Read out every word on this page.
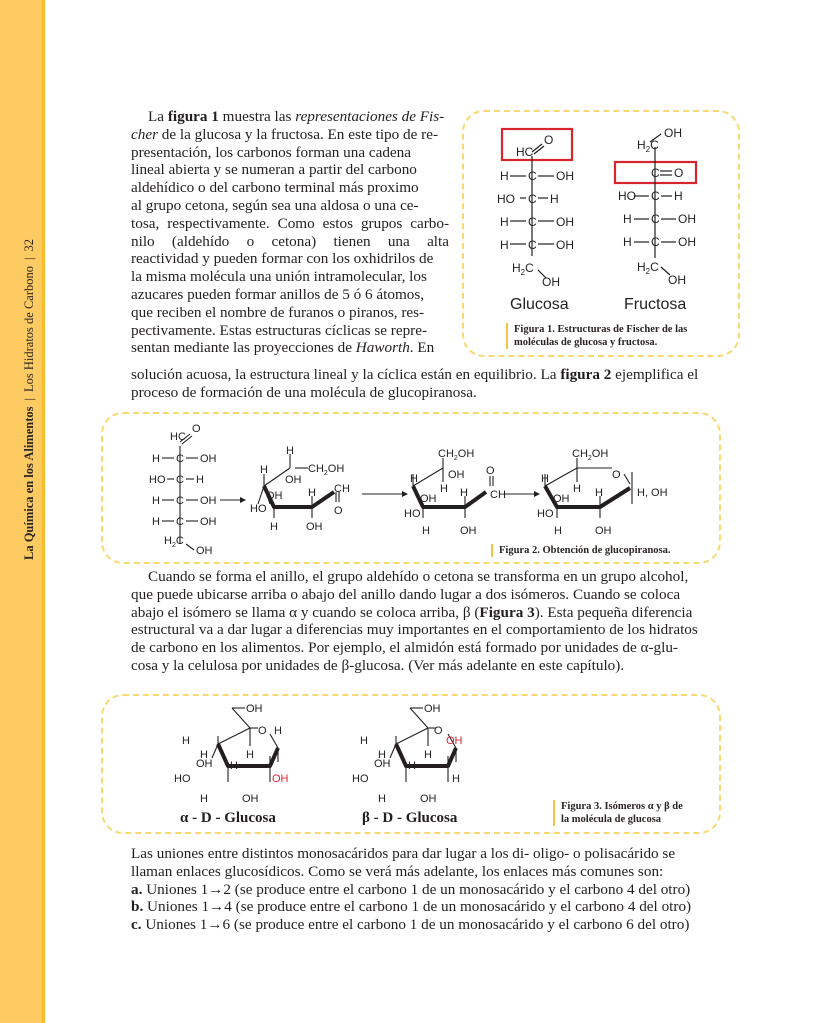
La Química en los Alimentos|Los Hidratos de Carbono|32
La figura 1 muestra las representaciones de Fis-
cher de la glucosa y la fructosa. En este tipo de re-
presentación, los carbonos forman una cadena
lineal abierta y se numeran a partir del carbono
aldehídico o del carbono terminal más proximo
al grupo cetona, según sea una aldosa o una ce-
tosa, respectivamente. Como estos grupos carbo-
nilo (aldehído o cetona) tienen una alta
reactividad y pueden formar con los oxhidrilos de
la misma molécula una unión intramolecular, los
azucares pueden formar anillos de 5 ó 6 átomos,
que reciben el nombre de furanos o piranos, res-
pectivamente. Estas estructuras cíclicas se repre-
sentan mediante las proyecciones de Haworth. En
solución acuosa, la estructura lineal y la cíclica están en equilibrio. La figura 2 ejemplifica el
proceso de formación de una molécula de glucopiranosa.
HC
O
H C OH
HO C H
H C OH
H C OH
$H_2C$
OH
$H_2C$
OH
C O
HO C H
H C OH
H C OH
$H_2C$
OH
Glucosa	Fructosa
Figura 1. Estructuras de Fischer de las
moléculas de glucosa y fructosa.
HC
O
H C OH
HO C H
H C OH
H C OH
$H_2C$
OH
H
$CH_2OH$
OH
H
OH H
HO
H	OH
CH
O
$CH_2OH$
OH
H
H
OH H
HO
H	OH
O
CH
$CH_2OH$
O
H
H
OH H
HO
H	OH
H, OH
Figura 2. Obtención de glucopiranosa.
Cuando se forma el anillo, el grupo aldehído o cetona se transforma en un grupo alcohol,
que puede ubicarse arriba o abajo del anillo dando lugar a dos isómeros. Cuando se coloca
abajo el isómero se llama α y cuando se coloca arriba, β (Figura 3). Esta pequeña diferencia
estructural va a dar lugar a diferencias muy importantes en el comportamiento de los hidratos
de carbono en los alimentos. Por ejemplo, el almidón está formado por unidades de α-glu-
cosa y la celulosa por unidades de β-glucosa. (Ver más adelante en este capítulo).
OH
O H
H
H
H
OH H
HO
H	OH
OH
OH
O
H
H
H
OH H
HO	H
H	OH
OH
α - D - Glucosa	β - D - Glucosa
Figura 3. Isómeros α y β de
la molécula de glucosa
Las uniones entre distintos monosacáridos para dar lugar a los di- oligo- o polisacárido se
llaman enlaces glucosídicos. Como se verá más adelante, los enlaces más comunes son:
a. Uniones 1→2 (se produce entre el carbono 1 de un monosacárido y el carbono 4 del otro)
b. Uniones 1→4 (se produce entre el carbono 1 de un monosacárido y el carbono 4 del otro)
c. Uniones 1→6 (se produce entre el carbono 1 de un monosacárido y el carbono 6 del otro)
